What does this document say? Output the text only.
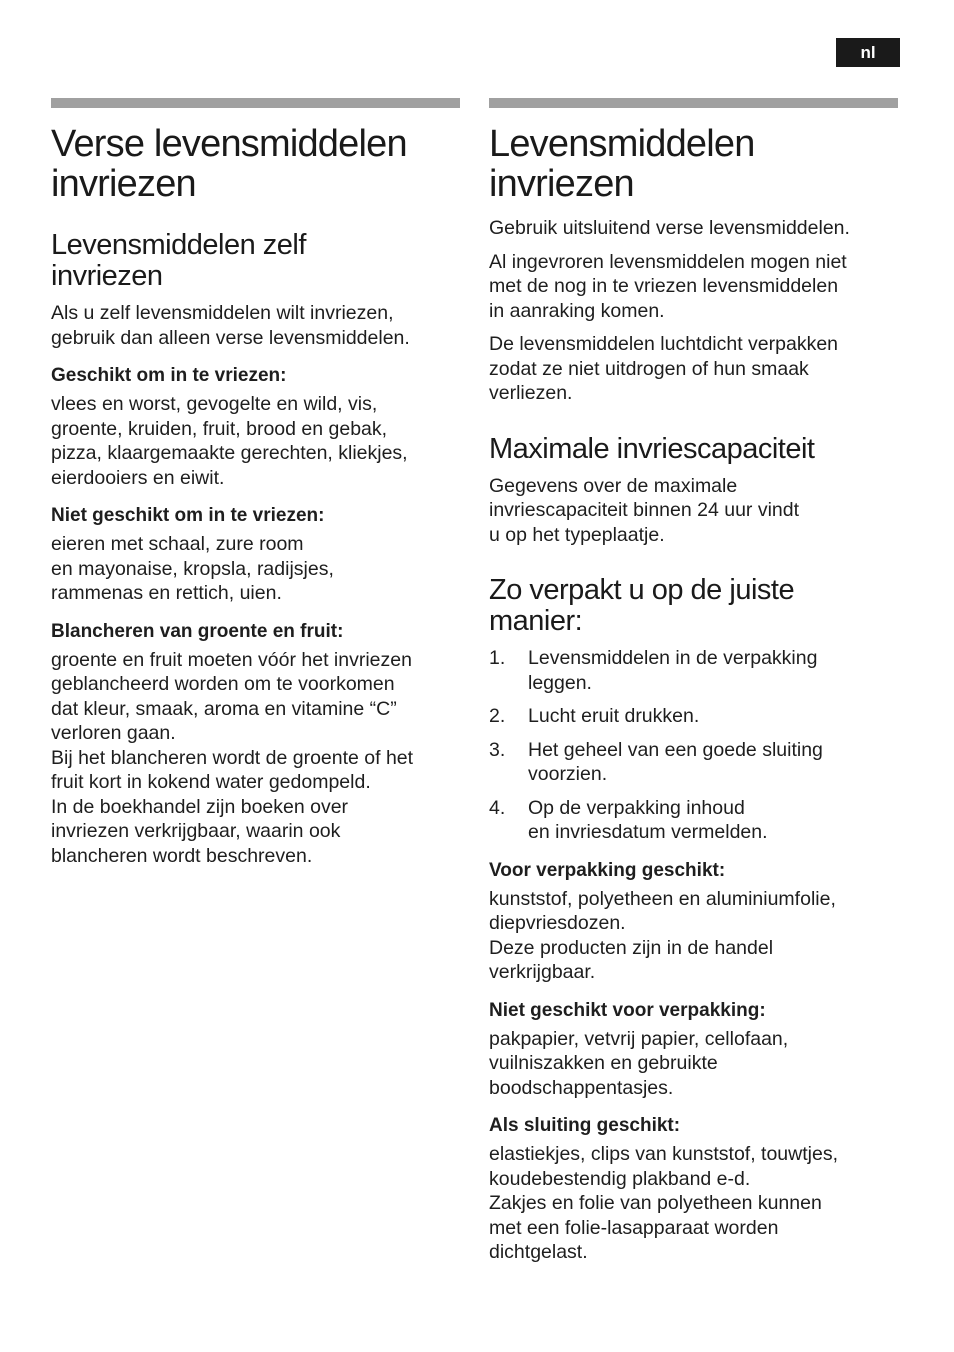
nl
Verse levensmiddelen
invriezen
Levensmiddelen zelf
invriezen

Als u zelf levensmiddelen wilt invriezen,
gebruik dan alleen verse levensmiddelen.

Geschikt om in te vriezen:

vlees en worst, gevogelte en wild, vis,
groente, kruiden, fruit, brood en gebak,
pizza, klaargemaakte gerechten, kliekjes,
eierdooiers en eiwit.

Niet geschikt om in te vriezen:

eieren met schaal, zure room
en mayonaise, kropsla, radijsjes,
rammenas en rettich, uien.

Blancheren van groente en fruit:

groente en fruit moeten vóór het invriezen
geblancheerd worden om te voorkomen
dat kleur, smaak, aroma en vitamine “C”
verloren gaan.
Bij het blancheren wordt de groente of het
fruit kort in kokend water gedompeld.
In de boekhandel zijn boeken over
invriezen verkrijgbaar, waarin ook
blancheren wordt beschreven.

Levensmiddelen
invriezen

Gebruik uitsluitend verse levensmiddelen.

Al ingevroren levensmiddelen mogen niet
met de nog in te vriezen levensmiddelen
in aanraking komen.

De levensmiddelen luchtdicht verpakken
zodat ze niet uitdrogen of hun smaak
verliezen.

Maximale invriescapaciteit

Gegevens over de maximale
invriescapaciteit binnen 24 uur vindt
u op het typeplaatje.

Zo verpakt u op de juiste
manier:
1.	Levensmiddelen in de verpakking
leggen.
2.	Lucht eruit drukken.
3.	Het geheel van een goede sluiting
voorzien.
4.	Op de verpakking inhoud
en invriesdatum vermelden.
Voor verpakking geschikt:

kunststof, polyetheen en aluminiumfolie,
diepvriesdozen.
Deze producten zijn in de handel
verkrijgbaar.

Niet geschikt voor verpakking:

pakpapier, vetvrij papier, cellofaan,
vuilniszakken en gebruikte
boodschappentasjes.

Als sluiting geschikt:

elastiekjes, clips van kunststof, touwtjes,
koudebestendig plakband e-d.
Zakjes en folie van polyetheen kunnen
met een folie-lasapparaat worden
dichtgelast.
